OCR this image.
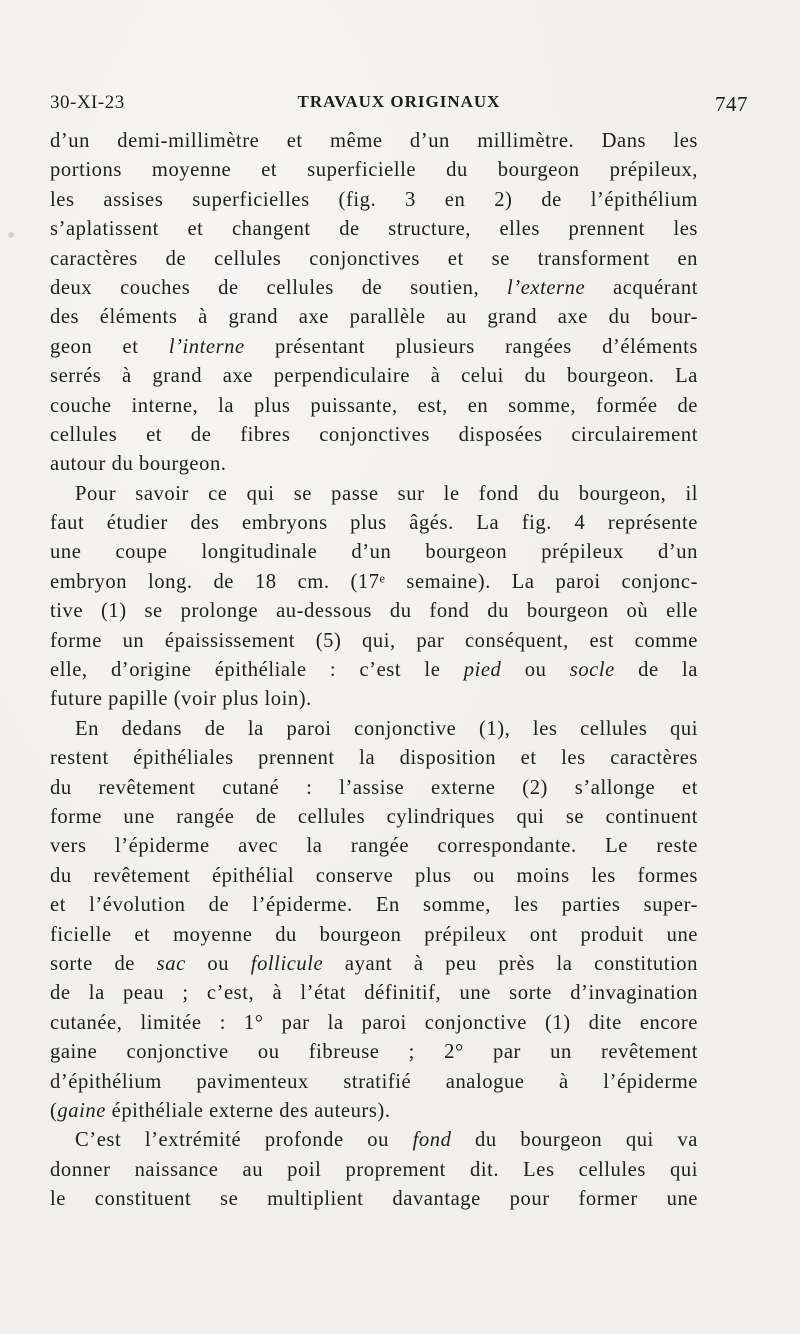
30-XI-23	TRAVAUX ORIGINAUX	747
d’un demi-millimètre et même d’un millimètre. Dans les
portions moyenne et superficielle du bourgeon prépileux,
les assises superficielles (fig. 3 en 2) de l’épithélium
s’aplatissent et changent de structure, elles prennent les
caractères de cellules conjonctives et se transforment en
deux couches de cellules de soutien, l’externe acquérant
des éléments à grand axe parallèle au grand axe du bour-
geon et l’interne présentant plusieurs rangées d’éléments
serrés à grand axe perpendiculaire à celui du bourgeon. La
couche interne, la plus puissante, est, en somme, formée de
cellules et de fibres conjonctives disposées circulairement
autour du bourgeon.
Pour savoir ce qui se passe sur le fond du bourgeon, il
faut étudier des embryons plus âgés. La fig. 4 représente
une coupe longitudinale d’un bourgeon prépileux d’un
embryon long. de 18 cm. (17ᵉ semaine). La paroi conjonc-
tive (1) se prolonge au-dessous du fond du bourgeon où elle
forme un épaississement (5) qui, par conséquent, est comme
elle, d’origine épithéliale : c’est le pied ou socle de la
future papille (voir plus loin).
En dedans de la paroi conjonctive (1), les cellules qui
restent épithéliales prennent la disposition et les caractères
du revêtement cutané : l’assise externe (2) s’allonge et
forme une rangée de cellules cylindriques qui se continuent
vers l’épiderme avec la rangée correspondante. Le reste
du revêtement épithélial conserve plus ou moins les formes
et l’évolution de l’épiderme. En somme, les parties super-
ficielle et moyenne du bourgeon prépileux ont produit une
sorte de sac ou follicule ayant à peu près la constitution
de la peau ; c’est, à l’état définitif, une sorte d’invagination
cutanée, limitée : 1° par la paroi conjonctive (1) dite encore
gaine conjonctive ou fibreuse ; 2° par un revêtement
d’épithélium pavimenteux stratifié analogue à l’épiderme
(gaine épithéliale externe des auteurs).
C’est l’extrémité profonde ou fond du bourgeon qui va
donner naissance au poil proprement dit. Les cellules qui
le constituent se multiplient davantage pour former une
